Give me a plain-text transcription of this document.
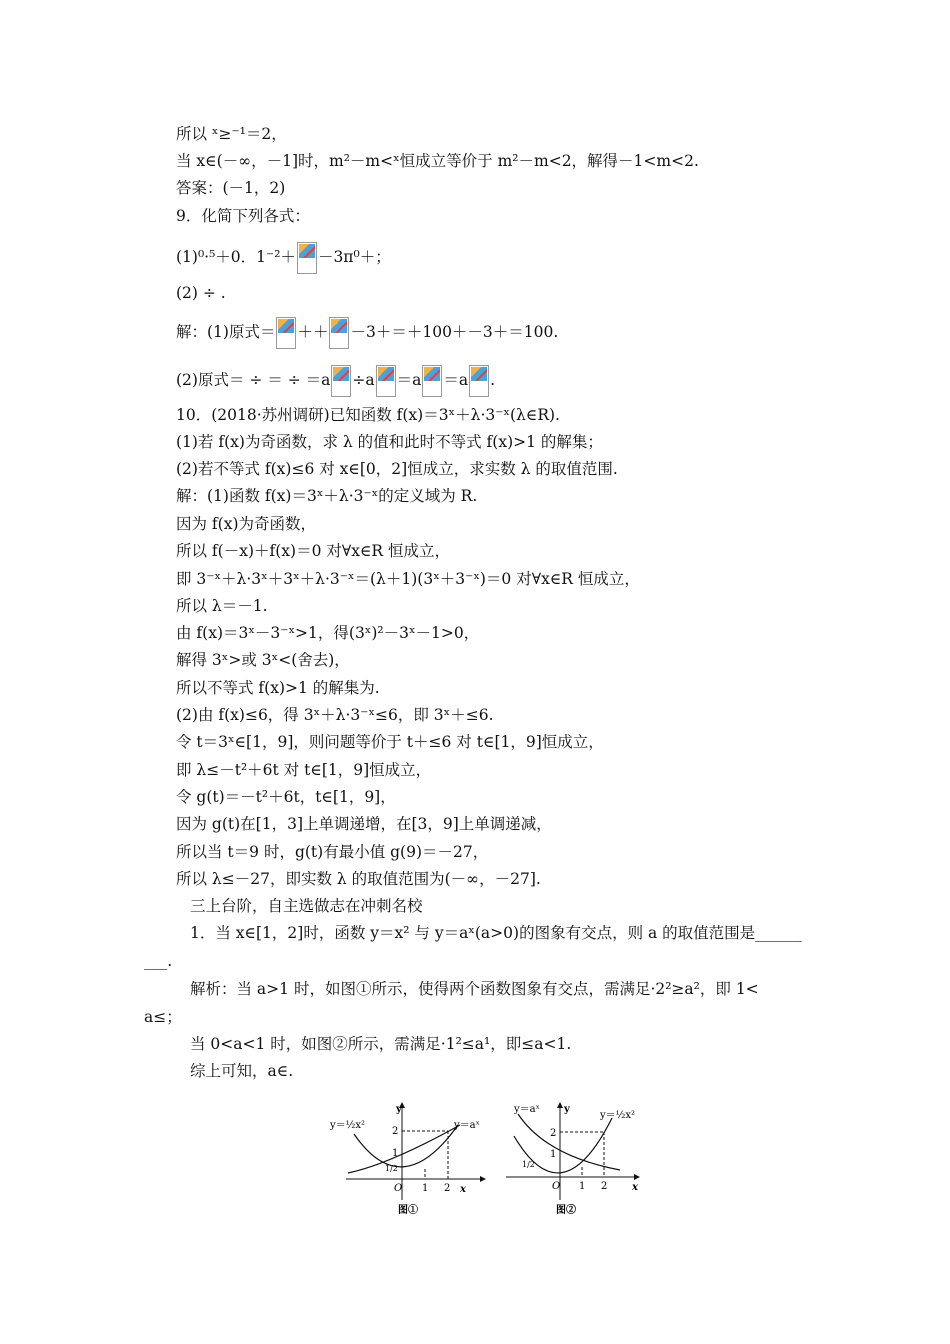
所以 ˣ≥⁻¹＝2，
当 x∈(－∞，－1]时，m²－m<ˣ恒成立等价于 m²－m<2，解得－1<m<2.
答案：(－1，2)
9．化简下列各式：
(1)⁰·⁵＋0．1⁻²＋ －3π⁰＋；
(2) ÷ .
解：(1)原式＝ ＋＋ －3＋＝＋100＋－3＋＝100.
(2)原式＝ ÷ ＝ ÷ ＝a ÷a ＝a ＝a .
10．(2018·苏州调研)已知函数 f(x)＝3ˣ＋λ·3⁻ˣ(λ∈R).
(1)若 f(x)为奇函数，求 λ 的值和此时不等式 f(x)>1 的解集；
(2)若不等式 f(x)≤6 对 x∈[0，2]恒成立，求实数 λ 的取值范围.
解：(1)函数 f(x)＝3ˣ＋λ·3⁻ˣ的定义域为 R.
因为 f(x)为奇函数，
所以 f(－x)＋f(x)＝0 对∀x∈R 恒成立，
即 3⁻ˣ＋λ·3ˣ＋3ˣ＋λ·3⁻ˣ＝(λ＋1)(3ˣ＋3⁻ˣ)＝0 对∀x∈R 恒成立，
所以 λ＝－1.
由 f(x)＝3ˣ－3⁻ˣ>1，得(3ˣ)²－3ˣ－1>0，
解得 3ˣ>或 3ˣ<(舍去)，
所以不等式 f(x)>1 的解集为.
(2)由 f(x)≤6，得 3ˣ＋λ·3⁻ˣ≤6，即 3ˣ＋≤6.
令 t＝3ˣ∈[1，9]，则问题等价于 t＋≤6 对 t∈[1，9]恒成立，
即 λ≤－t²＋6t 对 t∈[1，9]恒成立，
令 g(t)＝－t²＋6t，t∈[1，9]，
因为 g(t)在[1，3]上单调递增，在[3，9]上单调递减，
所以当 t＝9 时，g(t)有最小值 g(9)＝－27，
所以 λ≤－27，即实数 λ 的取值范围为(－∞，－27].
三上台阶，自主选做志在冲刺名校
1．当 x∈[1，2]时，函数 y＝x² 与 y＝aˣ(a>0)的图象有交点，则 a 的取值范围是______
___.
解析：当 a>1 时，如图①所示，使得两个函数图象有交点，需满足·2²≥a²，即 1<
a≤；
当 0<a<1 时，如图②所示，需满足·1²≤a¹，即≤a<1.
综上可知，a∈.
y＝½x²	y＝aˣ
y
x
O
2
1
1/2
1 2
图①
y＝aˣ
y＝½x²
y
x
O
2
1
1/2
1 2
图②
